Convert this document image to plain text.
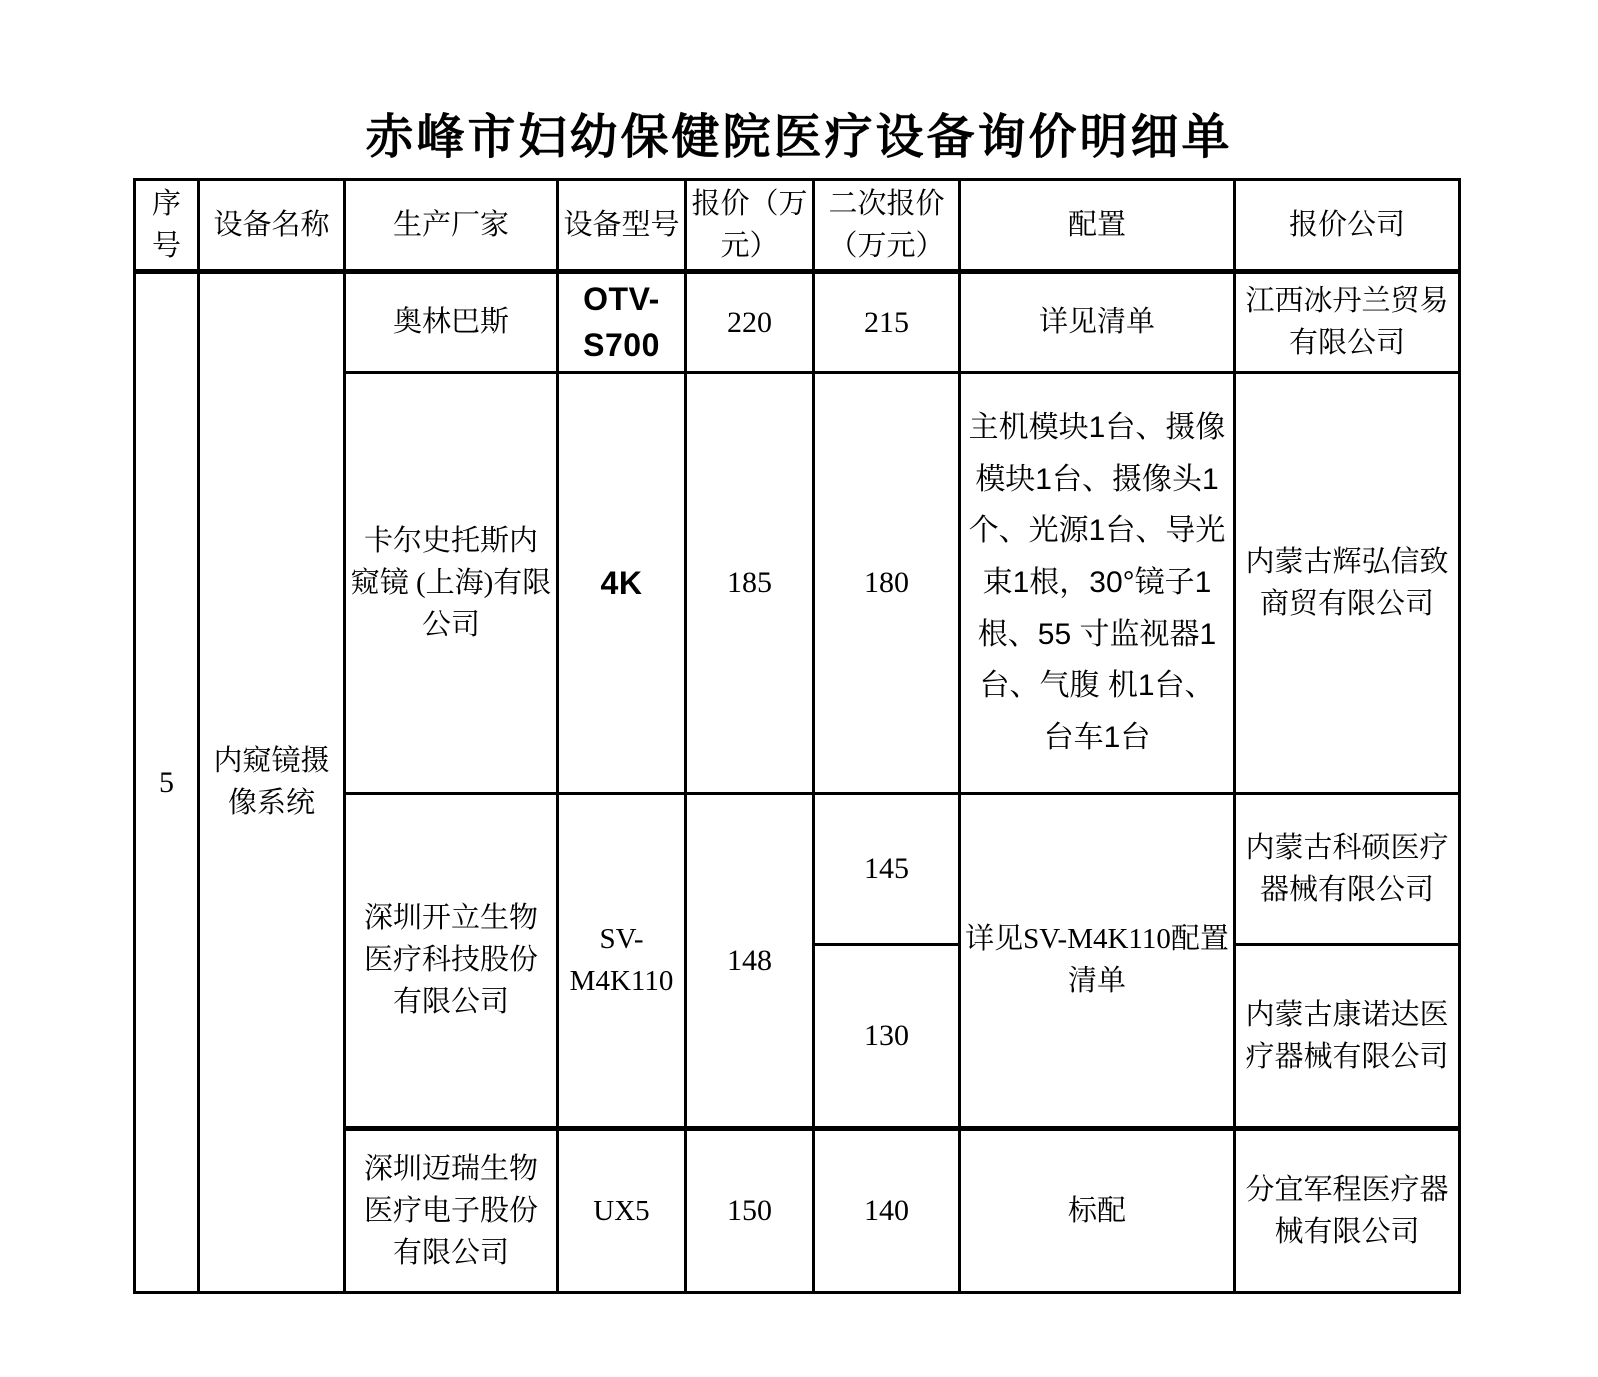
赤峰市妇幼保健院医疗设备询价明细单
序号	设备名称	生产厂家	设备型号	报价（万元）	二次报价（万元）	配置	报价公司
5	内窥镜摄像系统	奥林巴斯	OTV-S700	220	215	详见清单	江西冰丹兰贸易有限公司
		卡尔史托斯内窥镜 (上海)有限公司	4K	185	180	主机模块1台、摄像模块1台、摄像头1个、光源1台、导光束1根，30°镜子1根、55 寸监视器1台、气腹 机1台、台车1台	内蒙古辉弘信致商贸有限公司
		深圳开立生物医疗科技股份有限公司	SV-M4K110	148	145	详见SV-M4K110配置清单	内蒙古科硕医疗器械有限公司
					130		内蒙古康诺达医疗器械有限公司
		深圳迈瑞生物医疗电子股份有限公司	UX5	150	140	标配	分宜军程医疗器械有限公司
